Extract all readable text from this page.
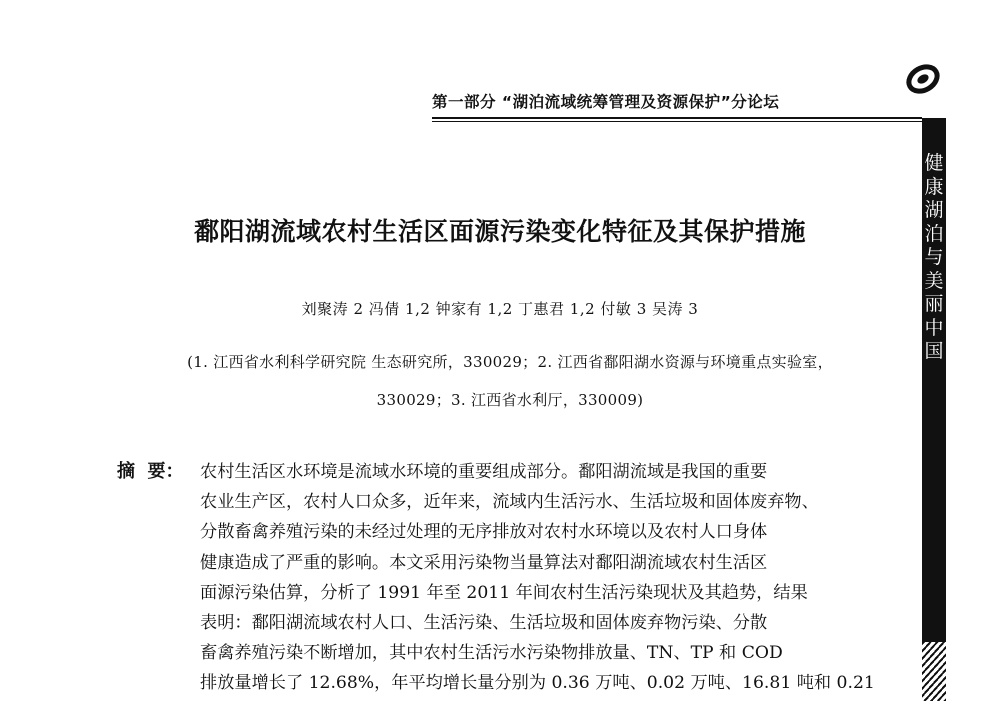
第一部分 “湖泊流域统筹管理及资源保护”分论坛
健
康
湖
泊
与
美
丽
中
国
鄱阳湖流域农村生活区面源污染变化特征及其保护措施
刘聚涛 2 冯倩 1,2 钟家有 1,2 丁惠君 1,2 付敏 3 吴涛 3
(1. 江西省水利科学研究院 生态研究所，330029；2. 江西省鄱阳湖水资源与环境重点实验室，
330029；3. 江西省水利厅，330009)
摘  要： 农村生活区水环境是流域水环境的重要组成部分。鄱阳湖流域是我国的重要
农业生产区，农村人口众多，近年来，流域内生活污水、生活垃圾和固体废弃物、
分散畜禽养殖污染的未经过处理的无序排放对农村水环境以及农村人口身体
健康造成了严重的影响。本文采用污染物当量算法对鄱阳湖流域农村生活区
面源污染估算，分析了 1991 年至 2011 年间农村生活污染现状及其趋势，结果
表明：鄱阳湖流域农村人口、生活污染、生活垃圾和固体废弃物污染、分散
畜禽养殖污染不断增加，其中农村生活污水污染物排放量、TN、TP 和 COD
排放量增长了 12.68%，年平均增长量分别为 0.36 万吨、0.02 万吨、16.81 吨和 0.21
